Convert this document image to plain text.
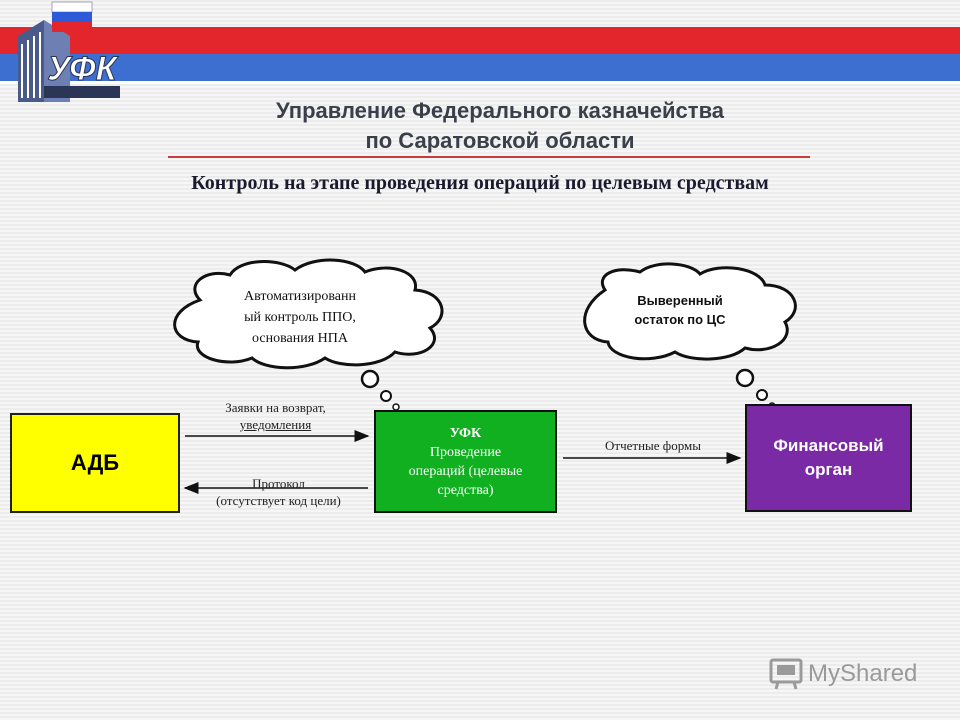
УФК
Управление Федерального казначейства
по Саратовской области
Контроль на этапе проведения операций по целевым средствам
Автоматизированн
ый контроль ППО,
основания НПА
Выверенный
остаток по ЦС
АДБ
УФК
Проведение
операций (целевые
средства)
Финансовый
орган
Заявки на возврат,
уведомления
Протокол
(отсутствует код цели)
Отчетные формы
MyShared
